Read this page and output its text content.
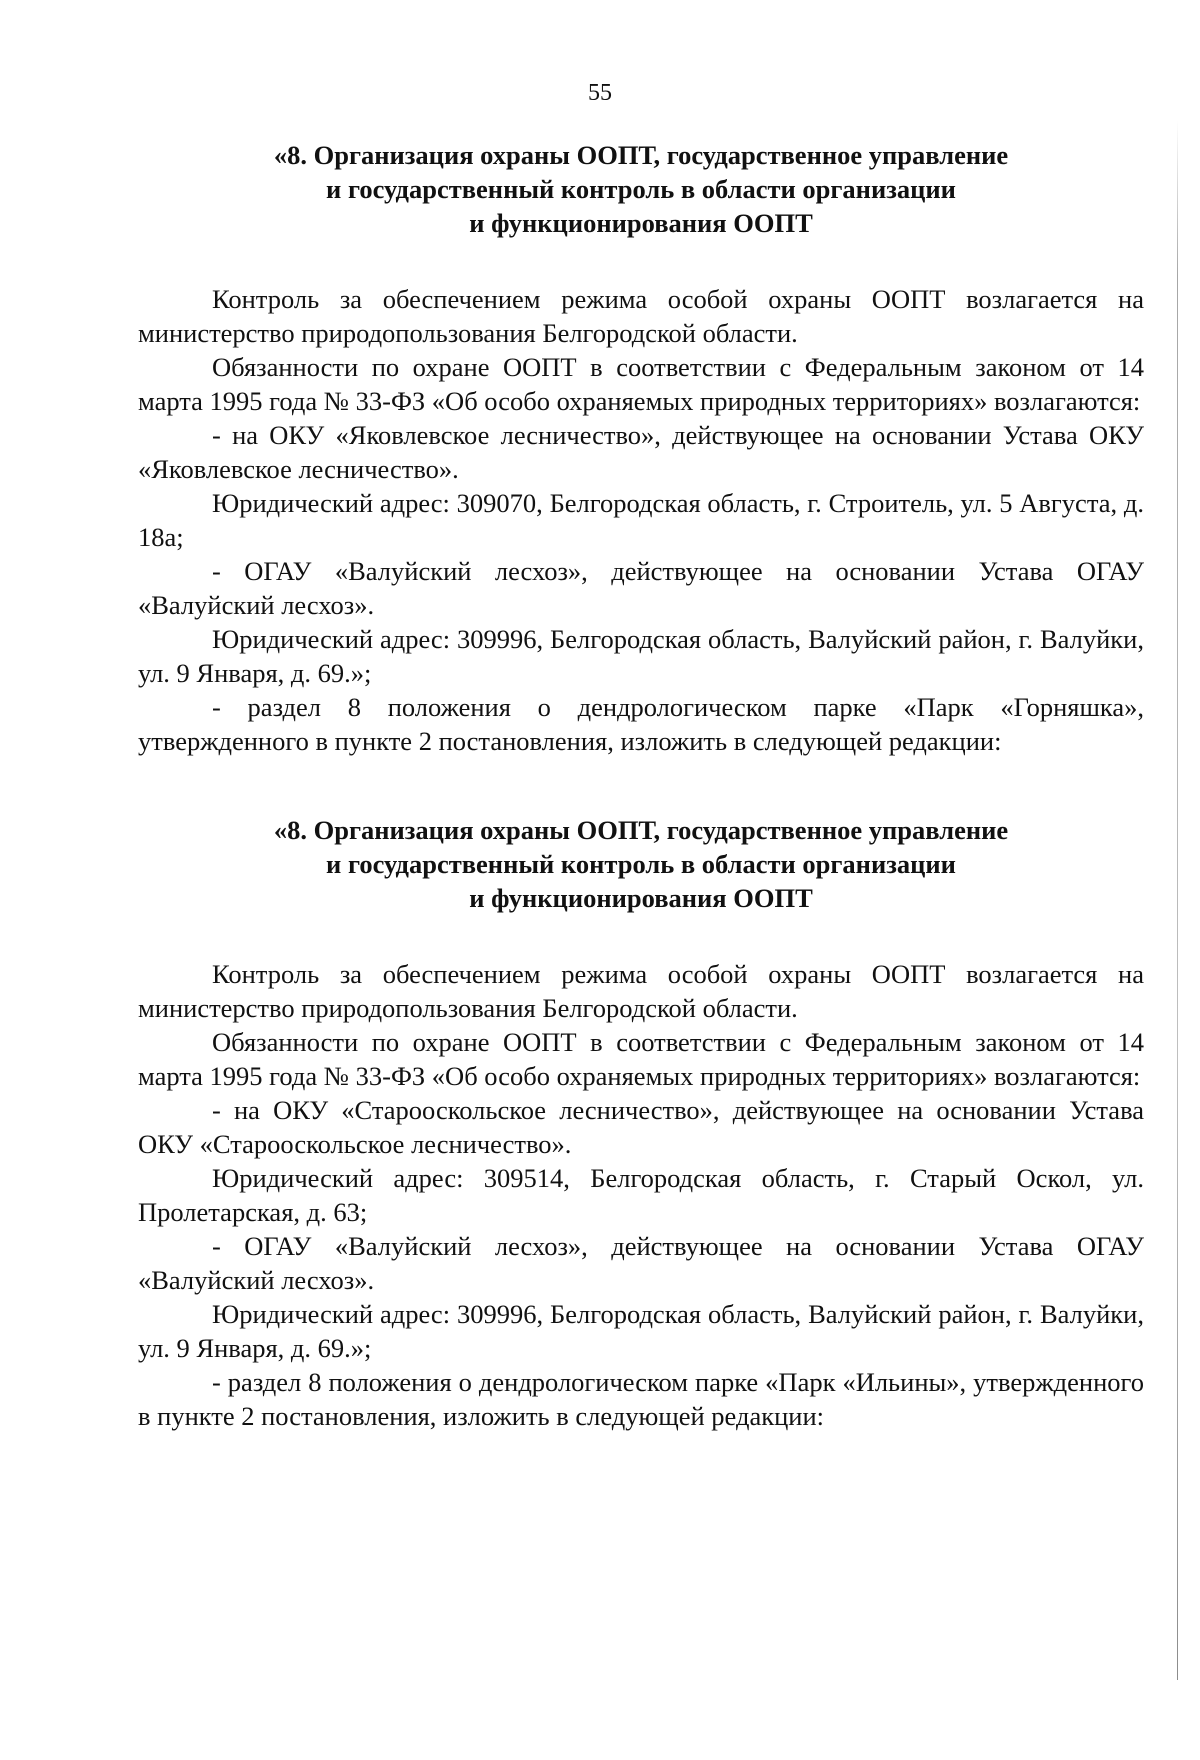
55
«8. Организация охраны ООПТ, государственное управление
и государственный контроль в области организации
и функционирования ООПТ

Контроль за обеспечением режима особой охраны ООПТ возлагается на министерство природопользования Белгородской области.

Обязанности по охране ООПТ в соответствии с Федеральным законом от 14 марта 1995 года № 33-ФЗ «Об особо охраняемых природных территориях» возлагаются:

- на ОКУ «Яковлевское лесничество», действующее на основании Устава ОКУ «Яковлевское лесничество».

Юридический адрес: 309070, Белгородская область, г. Строитель, ул. 5 Августа, д. 18а;

- ОГАУ «Валуйский лесхоз», действующее на основании Устава ОГАУ «Валуйский лесхоз».

Юридический адрес: 309996, Белгородская область, Валуйский район, г. Валуйки, ул. 9 Января, д. 69.»;

- раздел 8 положения о дендрологическом парке «Парк «Горняшка», утвержденного в пункте 2 постановления, изложить в следующей редакции:

«8. Организация охраны ООПТ, государственное управление
и государственный контроль в области организации
и функционирования ООПТ

Контроль за обеспечением режима особой охраны ООПТ возлагается на министерство природопользования Белгородской области.

Обязанности по охране ООПТ в соответствии с Федеральным законом от 14 марта 1995 года № 33-ФЗ «Об особо охраняемых природных территориях» возлагаются:

- на ОКУ «Старооскольское лесничество», действующее на основании Устава ОКУ «Старооскольское лесничество».

Юридический адрес: 309514, Белгородская область, г. Старый Оскол, ул. Пролетарская, д. 63;

- ОГАУ «Валуйский лесхоз», действующее на основании Устава ОГАУ «Валуйский лесхоз».

Юридический адрес: 309996, Белгородская область, Валуйский район, г. Валуйки, ул. 9 Января, д. 69.»;

- раздел 8 положения о дендрологическом парке «Парк «Ильины», утвержденного в пункте 2 постановления, изложить в следующей редакции:
